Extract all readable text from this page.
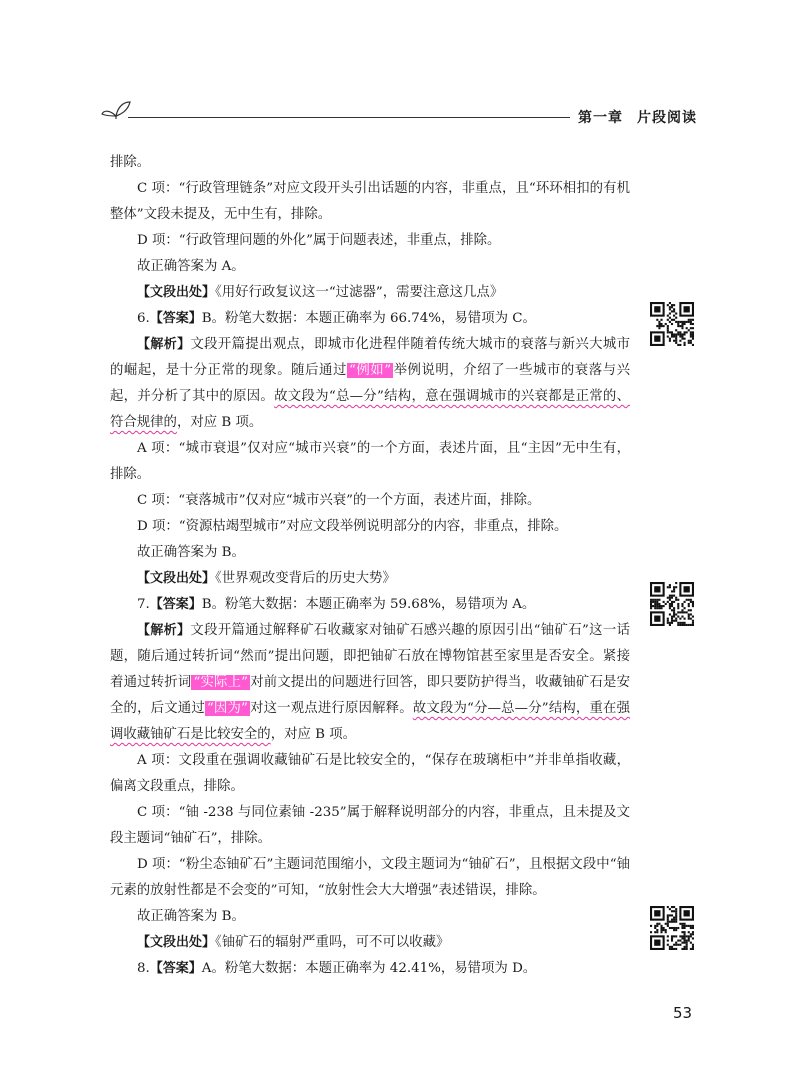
第一章 片段阅读

排除。

C 项：“行政管理链条”对应文段开头引出话题的内容，非重点，且“环环相扣的有机整体”文段未提及，无中生有，排除。

D 项：“行政管理问题的外化”属于问题表述，非重点，排除。

故正确答案为 A。

【文段出处】《用好行政复议这一“过滤器”，需要注意这几点》

6.【答案】B。粉笔大数据：本题正确率为 66.74%，易错项为 C。

【解析】文段开篇提出观点，即城市化进程伴随着传统大城市的衰落与新兴大城市的崛起，是十分正常的现象。随后通过 “例如” 举例说明，介绍了一些城市的衰落与兴起，并分析了其中的原因。故文段为“总—分”结构，意在强调城市的兴衰都是正常的、符合规律的，对应 B 项。

A 项：“城市衰退”仅对应“城市兴衰”的一个方面，表述片面，且“主因”无中生有，排除。

C 项：“衰落城市”仅对应“城市兴衰”的一个方面，表述片面，排除。

D 项：“资源枯竭型城市”对应文段举例说明部分的内容，非重点，排除。

故正确答案为 B。

【文段出处】《世界观改变背后的历史大势》

7.【答案】B。粉笔大数据：本题正确率为 59.68%，易错项为 A。

【解析】文段开篇通过解释矿石收藏家对铀矿石感兴趣的原因引出“铀矿石”这一话题，随后通过转折词“然而”提出问题，即把铀矿石放在博物馆甚至家里是否安全。紧接着通过转折词 “实际上” 对前文提出的问题进行回答，即只要防护得当，收藏铀矿石是安全的，后文通过 “因为” 对这一观点进行原因解释。故文段为“分—总—分”结构，重在强调收藏铀矿石是比较安全的，对应 B 项。

A 项：文段重在强调收藏铀矿石是比较安全的，“保存在玻璃柜中”并非单指收藏，偏离文段重点，排除。

C 项：“铀 -238 与同位素铀 -235”属于解释说明部分的内容，非重点，且未提及文段主题词“铀矿石”，排除。

D 项：“粉尘态铀矿石”主题词范围缩小，文段主题词为“铀矿石”，且根据文段中“铀元素的放射性都是不会变的”可知，“放射性会大大增强”表述错误，排除。

故正确答案为 B。

【文段出处】《铀矿石的辐射严重吗，可不可以收藏》

8.【答案】A。粉笔大数据：本题正确率为 42.41%，易错项为 D。

53
